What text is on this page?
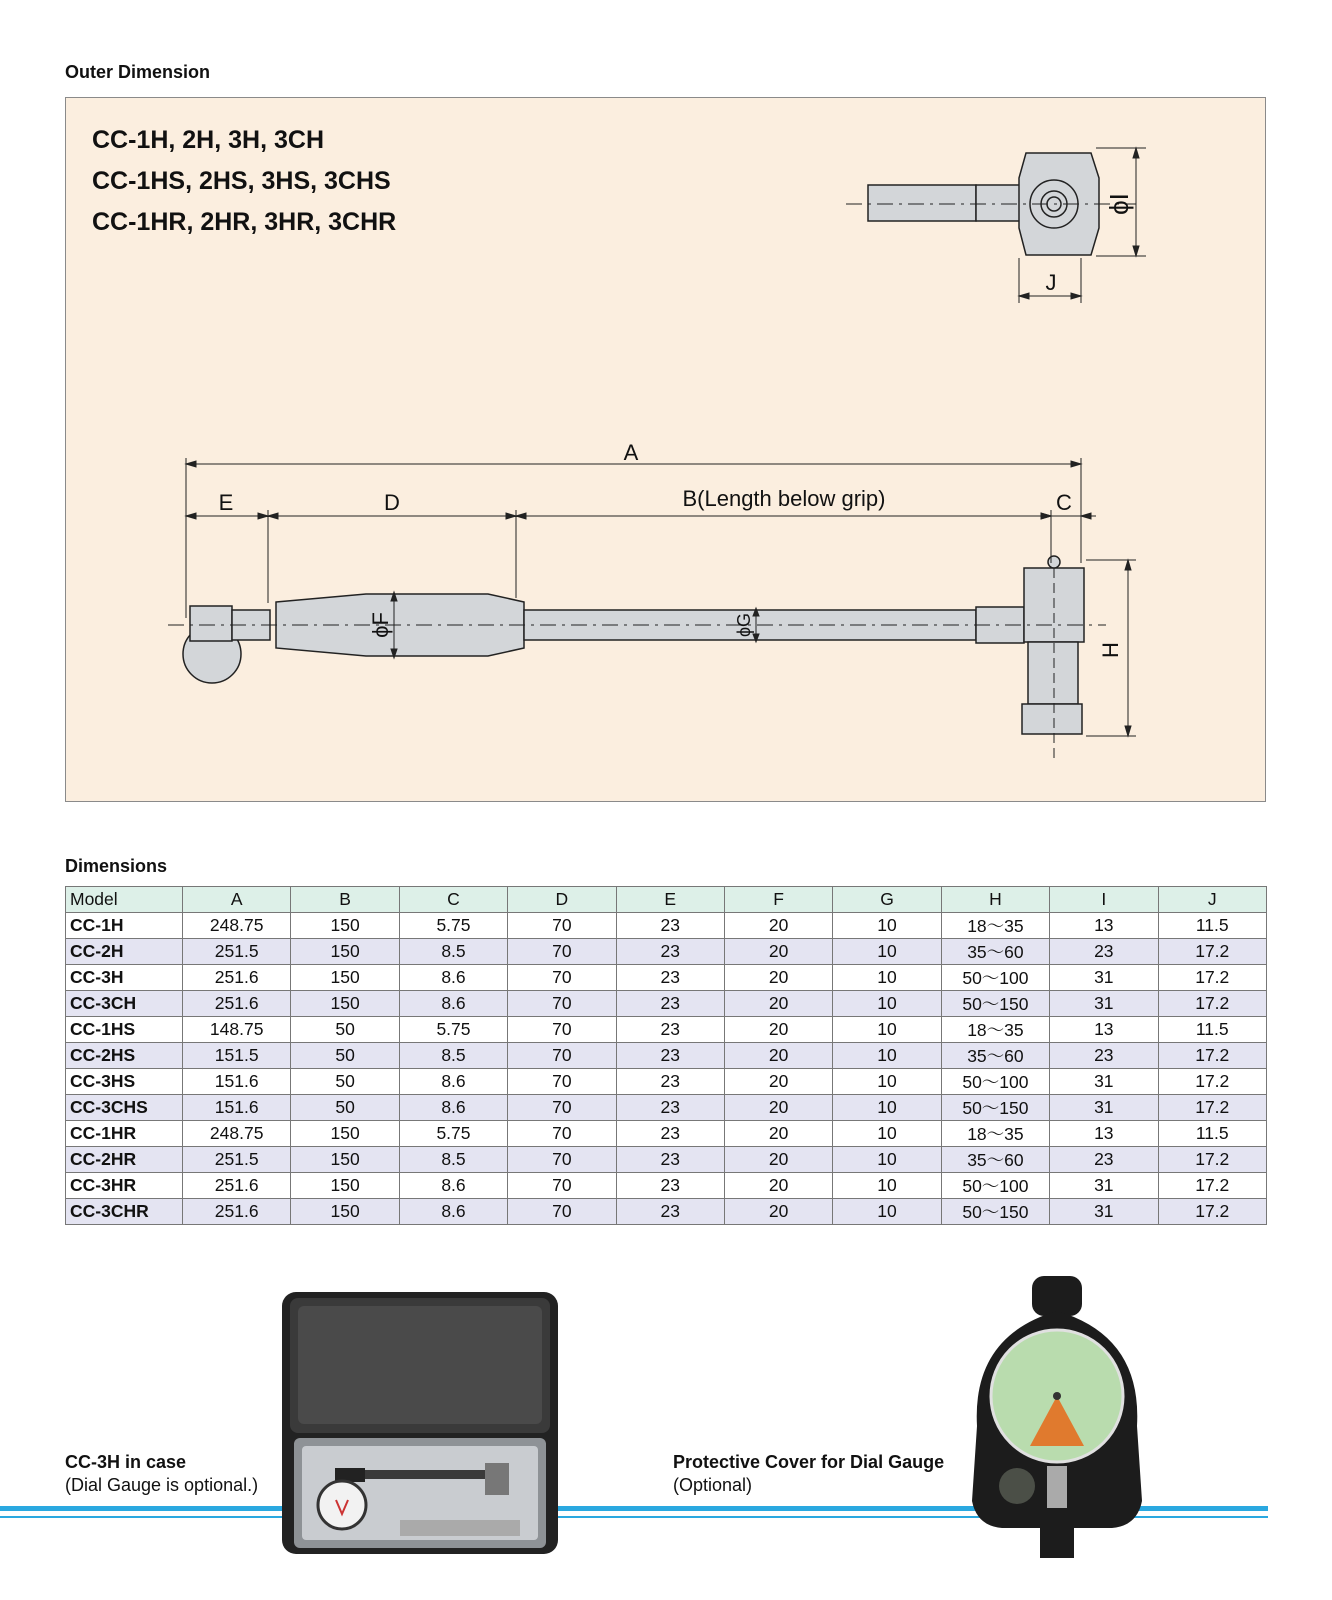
Outer Dimension
CC-1H, 2H, 3H, 3CH
CC-1HS, 2HS, 3HS, 3CHS
CC-1HR, 2HR, 3HR, 3CHR
A
E	D	B(Length below grip)	C
J
H
ϕI
ϕF	ϕG
Dimensions
Model	A	B	C	D	E	F	G	H	I	J
CC-1H	248.75	150	5.75	70	23	20	10	18～35	13	11.5
CC-2H	251.5	150	8.5	70	23	20	10	35～60	23	17.2
CC-3H	251.6	150	8.6	70	23	20	10	50～100	31	17.2
CC-3CH	251.6	150	8.6	70	23	20	10	50～150	31	17.2
CC-1HS	148.75	50	5.75	70	23	20	10	18～35	13	11.5
CC-2HS	151.5	50	8.5	70	23	20	10	35～60	23	17.2
CC-3HS	151.6	50	8.6	70	23	20	10	50～100	31	17.2
CC-3CHS	151.6	50	8.6	70	23	20	10	50～150	31	17.2
CC-1HR	248.75	150	5.75	70	23	20	10	18～35	13	11.5
CC-2HR	251.5	150	8.5	70	23	20	10	35～60	23	17.2
CC-3HR	251.6	150	8.6	70	23	20	10	50～100	31	17.2
CC-3CHR	251.6	150	8.6	70	23	20	10	50～150	31	17.2
CC-3H in case
(Dial Gauge is optional.)
Protective Cover for Dial Gauge
(Optional)
